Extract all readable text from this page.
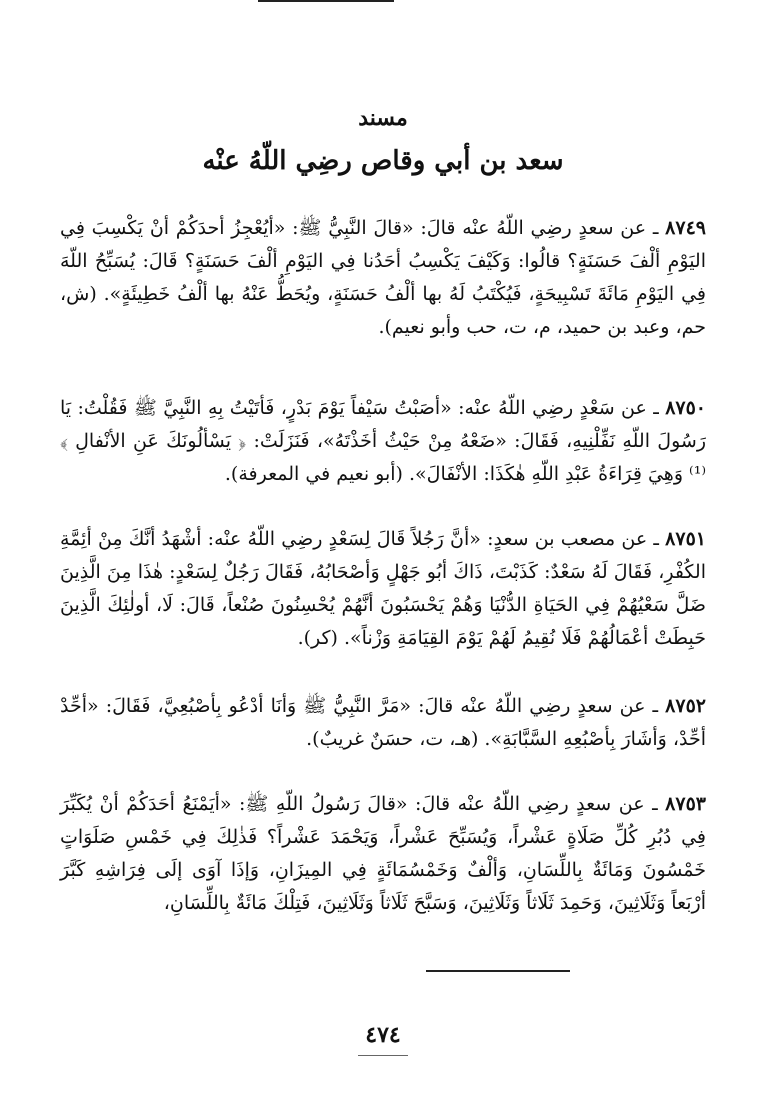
مسند
سعد بن أبي وقاص رضِي اللّهُ عنْه

٨٧٤٩ ـ عن سعدٍ رضِي اللّهُ عنْه قالَ: «قالَ النَّبِيُّ ﷺ: «أيُعْجِزُ أحدَكُمْ أنْ يَكْسِبَ فِي اليَوْمِ ألْفَ حَسَنَةٍ؟ قالُوا: وَكَيْفَ يَكْسِبُ أحَدُنا فِي اليَوْمِ ألْفَ حَسَنَةٍ؟ قَالَ: يُسَبِّحُ اللّهَ فِي اليَوْمِ مَائَةَ تَسْبِيحَةٍ، فَيُكْتَبُ لَهُ بها ألْفُ حَسَنَةٍ، ويُحَطُّ عَنْهُ بها ألْفُ خَطِيئَةٍ». (ش، حم، وعبد بن حميد، م، ت، حب وأبو نعيم).

٨٧٥٠ ـ عن سَعْدٍ رضِي اللّهُ عنْه: «أصَبْتُ سَيْفاً يَوْمَ بَدْرٍ، فَأتَيْتُ بِهِ النَّبِيَّ ﷺ فَقُلْتُ: يَا رَسُولَ اللّهِ نَفِّلْنِيهِ، فَقَالَ: «ضَعْهُ مِنْ حَيْثُ أخَذْتَهُ»، فَنَزَلَتْ: ﴿ يَسْألُونَكَ عَنِ الأنْفالِ ﴾⁽¹⁾ وَهِيَ قِرَاءَةُ عَبْدِ اللّهِ هٰكَذَا: الأنْفَالَ». (أبو نعيم في المعرفة).

٨٧٥١ ـ عن مصعب بن سعدٍ: «أنَّ رَجُلاً قَالَ لِسَعْدٍ رضِي اللّهُ عنْه: أشْهَدُ أنَّكَ مِنْ أئِمَّةِ الكُفْرِ، فَقَالَ لَهُ سَعْدٌ: كَذَبْتَ، ذَاكَ أبُو جَهْلٍ وَأصْحَابُهُ، فَقَالَ رَجُلٌ لِسَعْدٍ: هٰذَا مِنَ الَّذِينَ ضَلَّ سَعْيُهُمْ فِي الحَيَاةِ الدُّنْيَا وَهُمْ يَحْسَبُونَ أنَّهُمْ يُحْسِنُونَ صُنْعاً، قَالَ: لَا، أولٰئِكَ الَّذِينَ حَبِطَتْ أعْمَالُهُمْ فَلَا نُقِيمُ لَهُمْ يَوْمَ القِيَامَةِ وَزْناً». (كر).

٨٧٥٢ ـ عن سعدٍ رضِي اللّهُ عنْه قالَ: «مَرَّ النَّبِيُّ ﷺ وَأنَا أدْعُو بِأصْبُعِيَّ، فَقَالَ: «أحِّدْ أحِّدْ، وَأشَارَ بِأصْبُعِهِ السَّبَّابَةِ». (هـ، ت، حسَنٌ غريبٌ).

٨٧٥٣ ـ عن سعدٍ رضِي اللّهُ عنْه قالَ: «قالَ رَسُولُ اللّهِ ﷺ: «أيَمْنَعُ أحَدَكُمْ أنْ يُكَبِّرَ فِي دُبُرِ كُلِّ صَلَاةٍ عَشْراً، وَيُسَبِّحَ عَشْراً، وَيَحْمَدَ عَشْراً؟ فَذٰلِكَ فِي خَمْسِ صَلَوَاتٍ خَمْسُونَ وَمَائَةٌ بِاللِّسَانِ، وَألْفٌ وَخَمْسُمَائَةٍ فِي المِيزَانِ، وَإذَا آوَى إلَى فِرَاشِهِ كَبَّرَ أرْبَعاً وَثَلَاثِينَ، وَحَمِدَ ثَلَاثاً وَثَلَاثِينَ، وَسَبَّحَ ثَلَاثاً وَثَلَاثِينَ، فَتِلْكَ مَائَةٌ بِاللِّسَانِ،

٤٧٤
